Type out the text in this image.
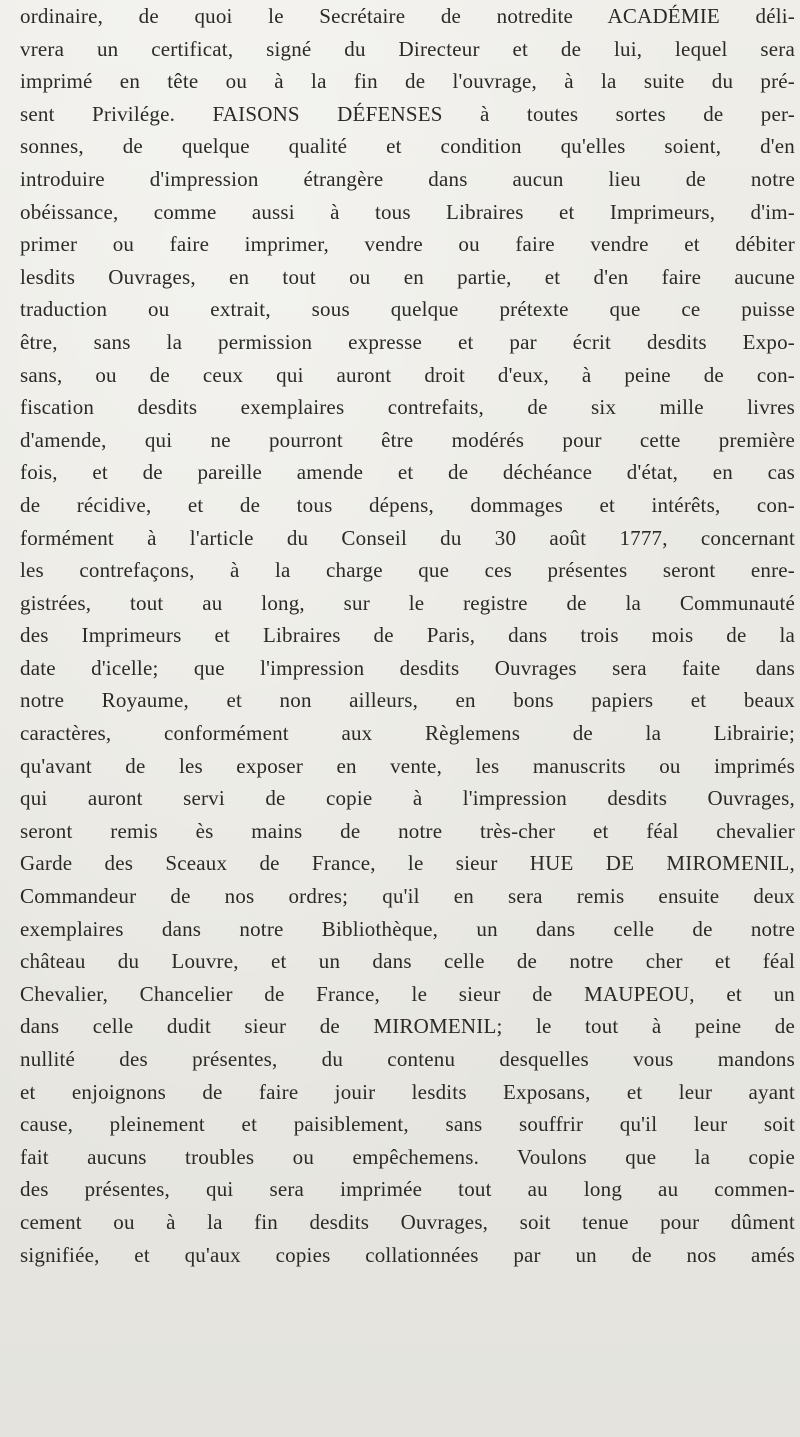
ordinaire, de quoi le Secrétaire de notredite ACADÉMIE déli-
vrera un certificat, signé du Directeur et de lui, lequel sera
imprimé en tête ou à la fin de l'ouvrage, à la suite du pré-
sent Privilége. FAISONS DÉFENSES à toutes sortes de per-
sonnes, de quelque qualité et condition qu'elles soient, d'en
introduire d'impression étrangère dans aucun lieu de notre
obéissance, comme aussi à tous Libraires et Imprimeurs, d'im-
primer ou faire imprimer, vendre ou faire vendre et débiter
lesdits Ouvrages, en tout ou en partie, et d'en faire aucune
traduction ou extrait, sous quelque prétexte que ce puisse
être, sans la permission expresse et par écrit desdits Expo-
sans, ou de ceux qui auront droit d'eux, à peine de con-
fiscation desdits exemplaires contrefaits, de six mille livres
d'amende, qui ne pourront être modérés pour cette première
fois, et de pareille amende et de déchéance d'état, en cas
de récidive, et de tous dépens, dommages et intérêts, con-
formément à l'article du Conseil du 30 août 1777, concernant
les contrefaçons, à la charge que ces présentes seront enre-
gistrées, tout au long, sur le registre de la Communauté
des Imprimeurs et Libraires de Paris, dans trois mois de la
date d'icelle; que l'impression desdits Ouvrages sera faite dans
notre Royaume, et non ailleurs, en bons papiers et beaux
caractères, conformément aux Règlemens de la Librairie;
qu'avant de les exposer en vente, les manuscrits ou imprimés
qui auront servi de copie à l'impression desdits Ouvrages,
seront remis ès mains de notre très-cher et féal chevalier
Garde des Sceaux de France, le sieur HUE DE MIROMENIL,
Commandeur de nos ordres; qu'il en sera remis ensuite deux
exemplaires dans notre Bibliothèque, un dans celle de notre
château du Louvre, et un dans celle de notre cher et féal
Chevalier, Chancelier de France, le sieur de MAUPEOU, et un
dans celle dudit sieur de MIROMENIL; le tout à peine de
nullité des présentes, du contenu desquelles vous mandons
et enjoignons de faire jouir lesdits Exposans, et leur ayant
cause, pleinement et paisiblement, sans souffrir qu'il leur soit
fait aucuns troubles ou empêchemens. Voulons que la copie
des présentes, qui sera imprimée tout au long au commen-
cement ou à la fin desdits Ouvrages, soit tenue pour dûment
signifiée, et qu'aux copies collationnées par un de nos amés
